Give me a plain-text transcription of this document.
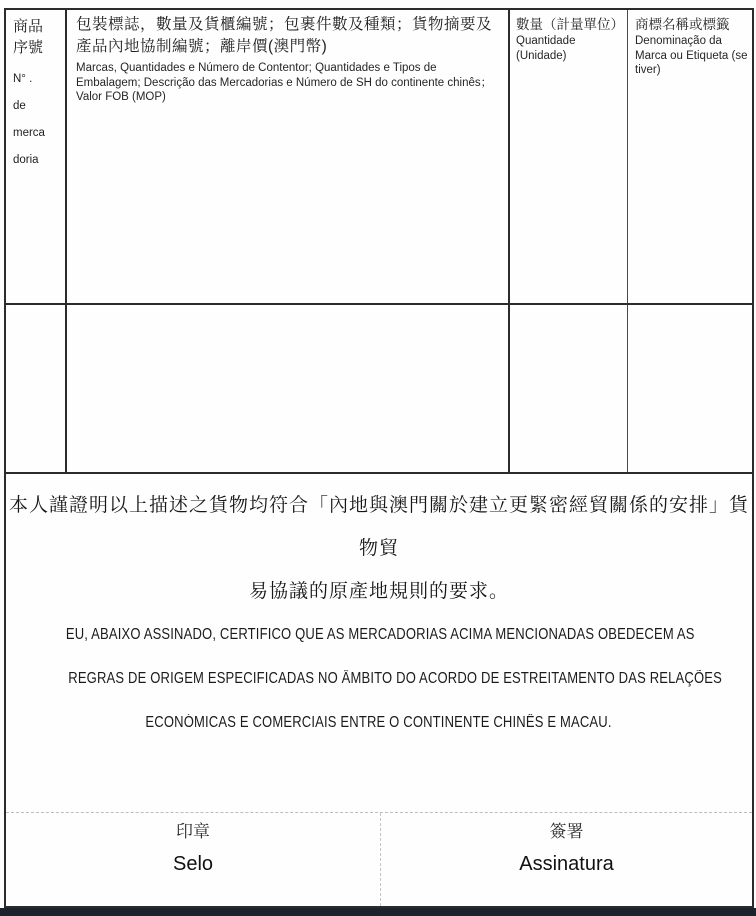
商品
序號
N° .
de
merca
doria
包裝標誌，數量及貨櫃編號；包裹件數及種類；貨物摘要及產品內地協制編號；離岸價(澳門幣)
Marcas, Quantidades e Número de Contentor; Quantidades e Tipos de Embalagem; Descrição das Mercadorias e Número de SH do continente chinês；Valor FOB (MOP)
數量（計量單位）
Quantidade
(Unidade)
商標名稱或標籤
Denominação da Marca ou Etiqueta (se tiver)
本人謹證明以上描述之貨物均符合「內地與澳門關於建立更緊密經貿關係的安排」貨物貿
易協議的原產地規則的要求。
EU, ABAIXO ASSINADO, CERTIFICO QUE AS MERCADORIAS ACIMA MENCIONADAS OBEDECEM AS
REGRAS DE ORIGEM ESPECIFICADAS NO ÂMBITO DO ACORDO DE ESTREITAMENTO DAS RELAÇÕES
ECONÓMICAS E COMERCIAIS ENTRE O CONTINENTE CHINÊS E MACAU.
印章
Selo
簽署
Assinatura
